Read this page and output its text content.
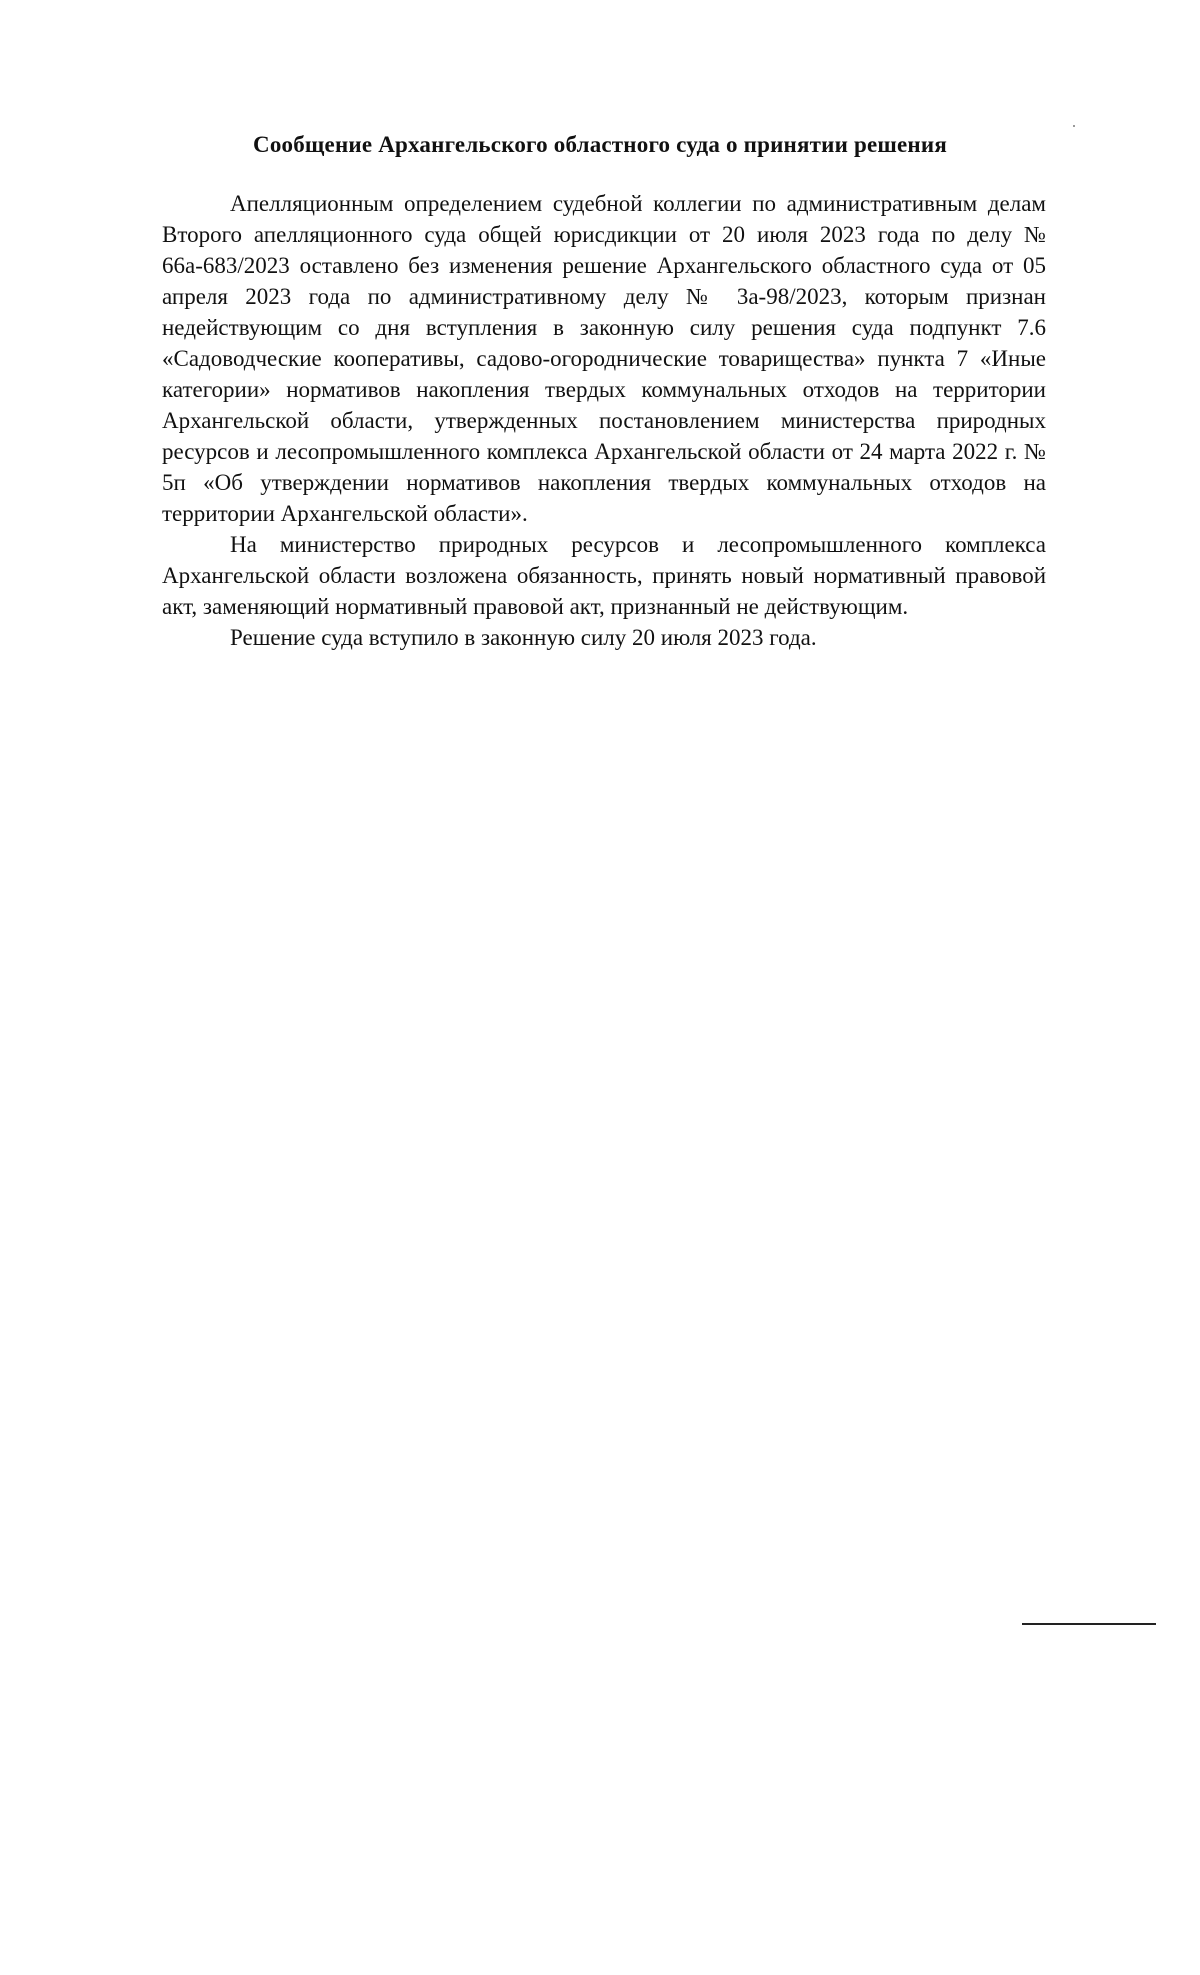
Сообщение Архангельского областного суда о принятии решения

Апелляционным определением судебной коллегии по административным делам Второго апелляционного суда общей юрисдикции от 20 июля 2023 года по делу № 66а-683/2023 оставлено без изменения решение Архангельского областного суда от 05 апреля 2023 года по административному делу № 3а-98/2023, которым признан недействующим со дня вступления в законную силу решения суда подпункт 7.6 «Садоводческие кооперативы, садово-огороднические товарищества» пункта 7 «Иные категории» нормативов накопления твердых коммунальных отходов на территории Архангельской области, утвержденных постановлением министерства природных ресурсов и лесопромышленного комплекса Архангельской области от 24 марта 2022 г. № 5п «Об утверждении нормативов накопления твердых коммунальных отходов на территории Архангельской области».

На министерство природных ресурсов и лесопромышленного комплекса Архангельской области возложена обязанность, принять новый нормативный правовой акт, заменяющий нормативный правовой акт, признанный не действующим.

Решение суда вступило в законную силу 20 июля 2023 года.
